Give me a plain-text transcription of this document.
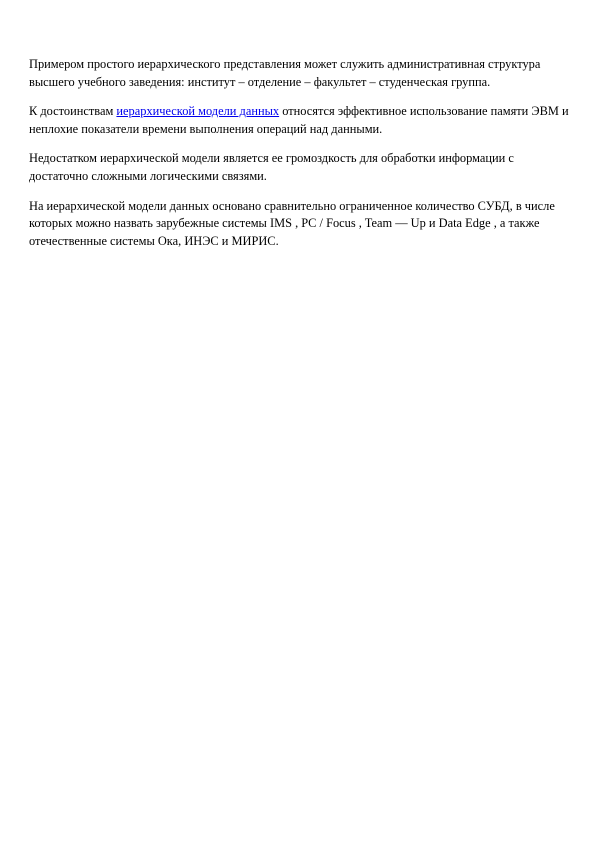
Примером простого иерархического представления может служить административная структура высшего учебного заведения: институт – отделение – факультет – студенческая группа.

К достоинствам иерархической модели данных относятся эффективное использование памяти ЭВМ и неплохие показатели времени выполнения операций над данными.

Недостатком иерархической модели является ее громоздкость для обработки информации с достаточно сложными логическими связями.

На иерархической модели данных основано сравнительно ограниченное количество СУБД, в числе которых можно назвать зарубежные системы IMS , PC / Focus , Team — Up и Data Edge , а также отечественные системы Ока, ИНЭС и МИРИС.
